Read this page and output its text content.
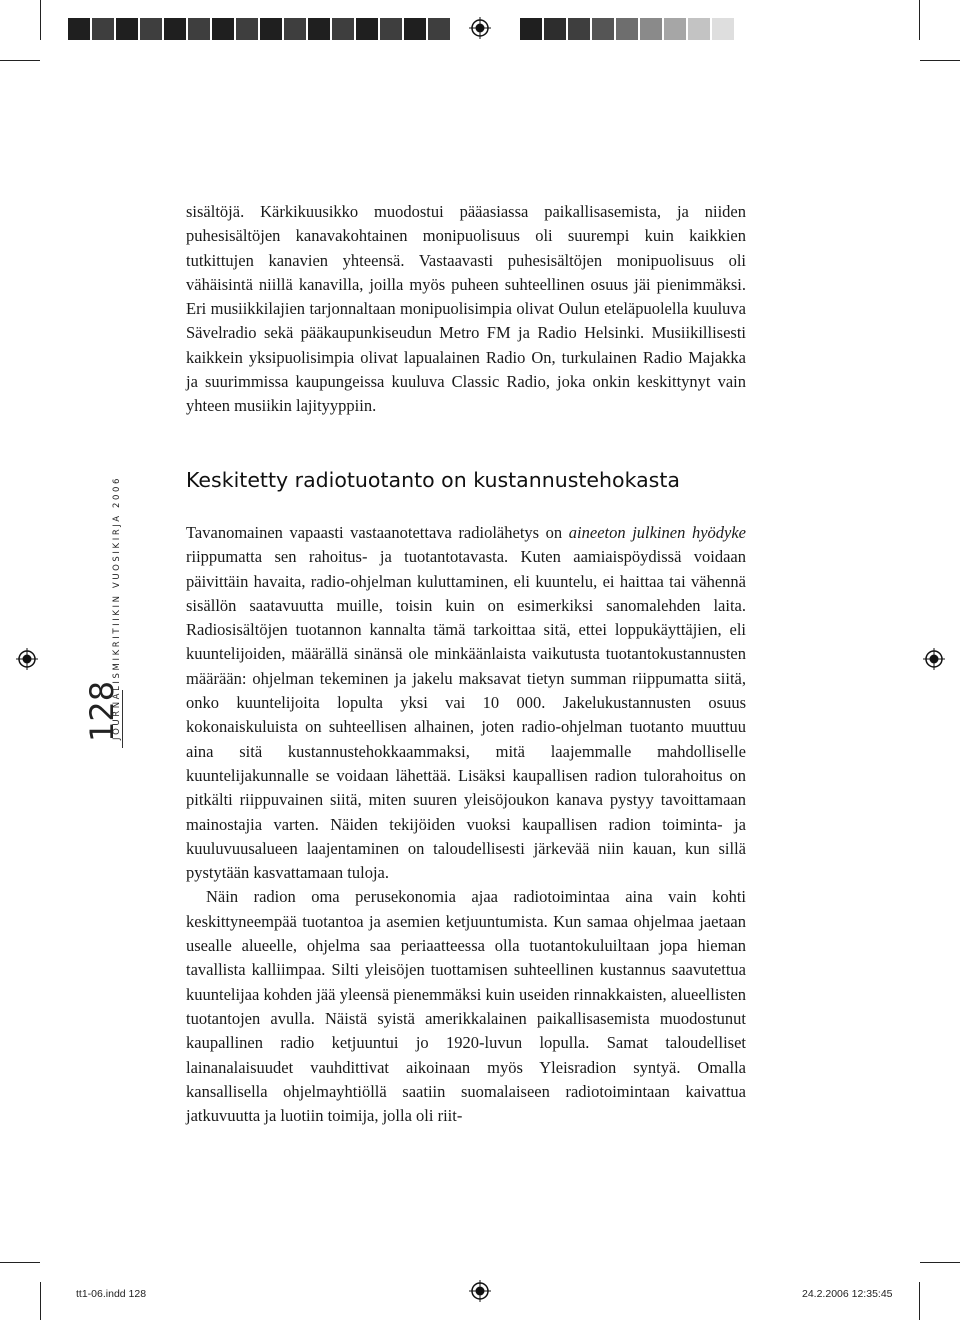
sisältöjä. Kärkikuusikko muodostui pääasiassa paikallisasemista, ja niiden puhesisältöjen kanavakohtainen monipuolisuus oli suurempi kuin kaikkien tutkittujen kanavien yhteensä. Vastaavasti puhesisältöjen monipuolisuus oli vähäisintä niillä kanavilla, joilla myös puheen suhteellinen osuus jäi pienimmäksi. Eri musiikkilajien tarjonnaltaan monipuolisimpia olivat Oulun eteläpuolella kuuluva Sävelradio sekä pääkaupunkiseudun Metro FM ja Radio Helsinki. Musiikillisesti kaikkein yksipuolisimpia olivat lapualainen Radio On, turkulainen Radio Majakka ja suurimmissa kaupungeissa kuuluva Classic Radio, joka onkin keskittynyt vain yhteen musiikin lajityyppiin.

Keskitetty radiotuotanto on kustannustehokasta

Tavanomainen vapaasti vastaanotettava radiolähetys on aineeton julkinen hyödyke riippumatta sen rahoitus- ja tuotantotavasta. Kuten aamiaispöydissä voidaan päivittäin havaita, radio-ohjelman kuluttaminen, eli kuuntelu, ei haittaa tai vähennä sisällön saatavuutta muille, toisin kuin on esimerkiksi sanomalehden laita. Radiosisältöjen tuotannon kannalta tämä tarkoittaa sitä, ettei loppukäyttäjien, eli kuuntelijoiden, määrällä sinänsä ole minkäänlaista vaikutusta tuotantokustannusten määrään: ohjelman tekeminen ja jakelu maksavat tietyn summan riippumatta siitä, onko kuuntelijoita lopulta yksi vai 10 000. Jakelukustannusten osuus kokonaiskuluista on suhteellisen alhainen, joten radio-ohjelman tuotanto muuttuu aina sitä kustannustehokkaammaksi, mitä laajemmalle mahdolliselle kuuntelijakunnalle se voidaan lähettää. Lisäksi kaupallisen radion tulorahoitus on pitkälti riippuvainen siitä, miten suuren yleisöjoukon kanava pystyy tavoittamaan mainostajia varten. Näiden tekijöiden vuoksi kaupallisen radion toiminta- ja kuuluvuusalueen laajentaminen on taloudellisesti järkevää niin kauan, kun sillä pystytään kasvattamaan tuloja.

Näin radion oma perusekonomia ajaa radiotoimintaa aina vain kohti keskittyneempää tuotantoa ja asemien ketjuuntumista. Kun samaa ohjelmaa jaetaan usealle alueelle, ohjelma saa periaatteessa olla tuotantokuluiltaan jopa hieman tavallista kalliimpaa. Silti yleisöjen tuottamisen suhteellinen kustannus saavutettua kuuntelijaa kohden jää yleensä pienemmäksi kuin useiden rinnakkaisten, alueellisten tuotantojen avulla. Näistä syistä amerikkalainen paikallisasemista muodostunut kaupallinen radio ketjuuntui jo 1920-luvun lopulla. Samat taloudelliset lainanalaisuudet vauhdittivat aikoinaan myös Yleisradion syntyä. Omalla kansallisella ohjelmayhtiöllä saatiin suomalaiseen radiotoimintaan kaivattua jatkuvuutta ja luotiin toimija, jolla oli riit-

JOURNALISMIKRITIIKIN VUOSIKIRJA 2006
128
tt1-06.indd 128	24.2.2006 12:35:45
